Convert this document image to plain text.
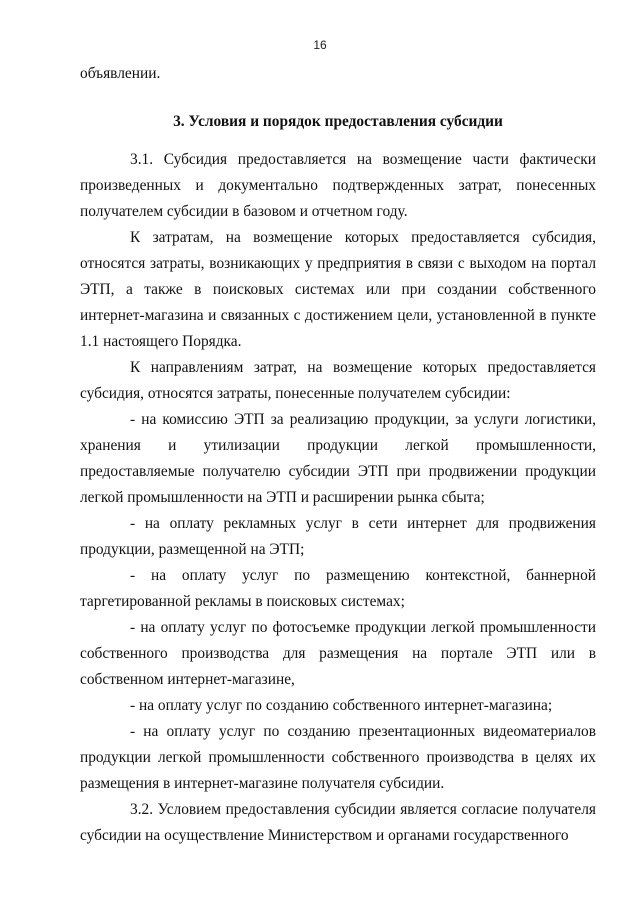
16

объявлении.

3. Условия и порядок предоставления субсидии

3.1. Субсидия предоставляется на возмещение части фактически произведенных и документально подтвержденных затрат, понесенных получателем субсидии в базовом и отчетном году.

К затратам, на возмещение которых предоставляется субсидия, относятся затраты, возникающих у предприятия в связи с выходом на портал ЭТП, а также в поисковых системах или при создании собственного интернет-магазина и связанных с достижением цели, установленной в пункте 1.1 настоящего Порядка.

К направлениям затрат, на возмещение которых предоставляется субсидия, относятся затраты, понесенные получателем субсидии:

- на комиссию ЭТП за реализацию продукции, за услуги логистики, хранения и утилизации продукции легкой промышленности, предоставляемые получателю субсидии ЭТП при продвижении продукции легкой промышленности на ЭТП и расширении рынка сбыта;

- на оплату рекламных услуг в сети интернет для продвижения продукции, размещенной на ЭТП;

- на оплату услуг по размещению контекстной, баннерной таргетированной рекламы в поисковых системах;

- на оплату услуг по фотосъемке продукции легкой промышленности собственного производства для размещения на портале ЭТП или в собственном интернет-магазине,

- на оплату услуг по созданию собственного интернет-магазина;

- на оплату услуг по созданию презентационных видеоматериалов продукции легкой промышленности собственного производства в целях их размещения в интернет-магазине получателя субсидии.

3.2. Условием предоставления субсидии является согласие получателя субсидии на осуществление Министерством и органами государственного
